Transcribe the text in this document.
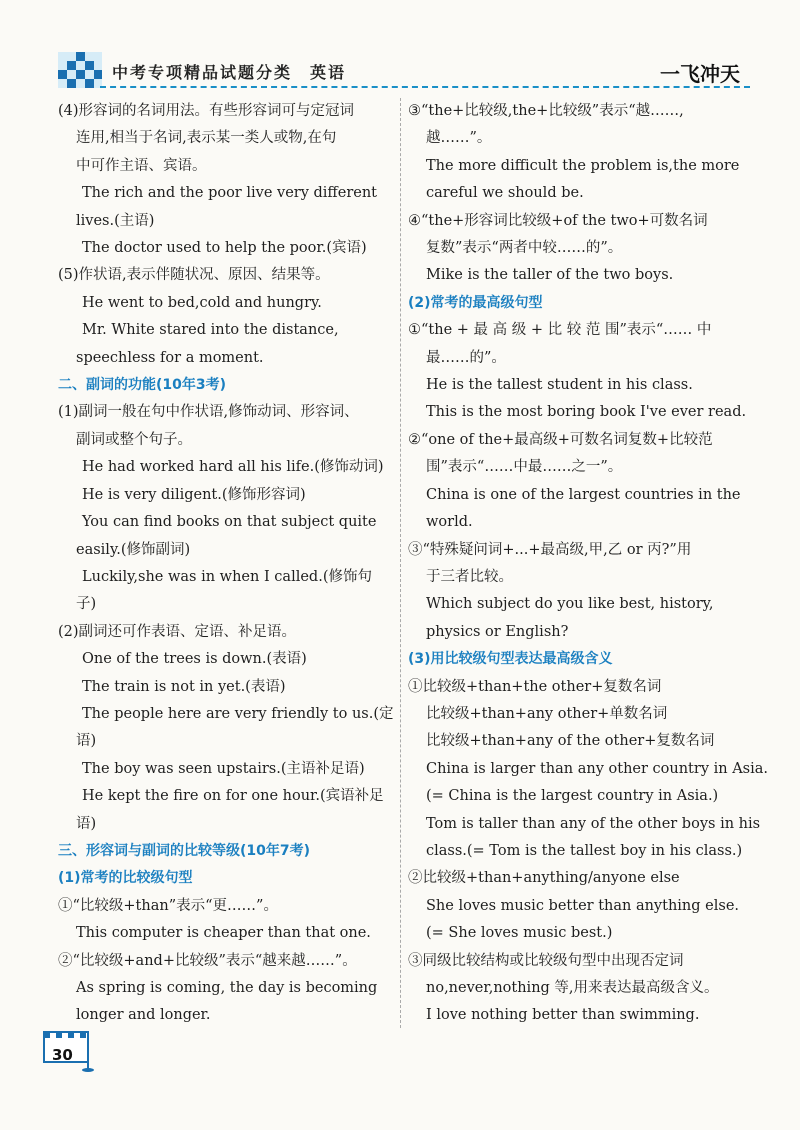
中考专项精品试题分类　英语	一飞冲天
(4)形容词的名词用法。有些形容词可与定冠词
连用,相当于名词,表示某一类人或物,在句
中可作主语、宾语。
The rich and the poor live very different
lives.(主语)
The doctor used to help the poor.(宾语)
(5)作状语,表示伴随状况、原因、结果等。
He went to bed,cold and hungry.
Mr. White stared into the distance,
speechless for a moment.
二、副词的功能(10年3考)
(1)副词一般在句中作状语,修饰动词、形容词、
副词或整个句子。
He had worked hard all his life.(修饰动词)
He is very diligent.(修饰形容词)
You can find books on that subject quite
easily.(修饰副词)
Luckily,she was in when I called.(修饰句
子)
(2)副词还可作表语、定语、补足语。
One of the trees is down.(表语)
The train is not in yet.(表语)
The people here are very friendly to us.(定
语)
The boy was seen upstairs.(主语补足语)
He kept the fire on for one hour.(宾语补足
语)
三、形容词与副词的比较等级(10年7考)
(1)常考的比较级句型
①“比较级+than”表示“更……”。
This computer is cheaper than that one.
②“比较级+and+比较级”表示“越来越……”。
As spring is coming, the day is becoming
longer and longer.
③“the+比较级,the+比较级”表示“越……,
越……”。
The more difficult the problem is,the more
careful we should be.
④“the+形容词比较级+of the two+可数名词
复数”表示“两者中较……的”。
Mike is the taller of the two boys.
(2)常考的最高级句型
①“the + 最 高 级 + 比 较 范 围”表示“…… 中
最……的”。
He is the tallest student in his class.
This is the most boring book I've ever read.
②“one of the+最高级+可数名词复数+比较范
围”表示“……中最……之一”。
China is one of the largest countries in the
world.
③“特殊疑问词+...+最高级,甲,乙 or 丙?”用
于三者比较。
Which subject do you like best, history,
physics or English?
(3)用比较级句型表达最高级含义
①比较级+than+the other+复数名词
比较级+than+any other+单数名词
比较级+than+any of the other+复数名词
China is larger than any other country in Asia.
(= China is the largest country in Asia.)
Tom is taller than any of the other boys in his
class.(= Tom is the tallest boy in his class.)
②比较级+than+anything/anyone else
She loves music better than anything else.
(= She loves music best.)
③同级比较结构或比较级句型中出现否定词
no,never,nothing 等,用来表达最高级含义。
I love nothing better than swimming.
30
